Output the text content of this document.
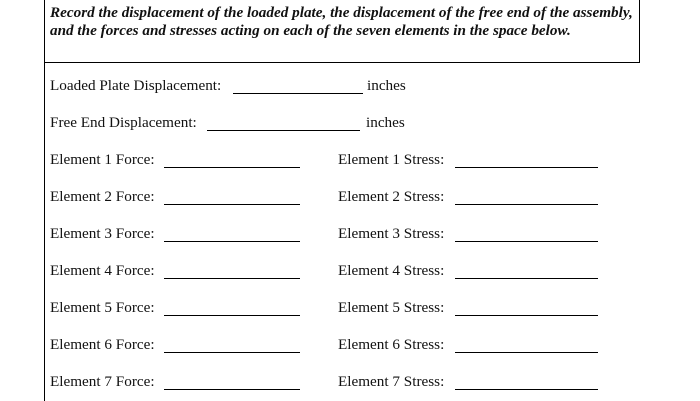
Record the displacement of the loaded plate, the displacement of the free end of the assembly, and the forces and stresses acting on each of the seven elements in the space below.
Loaded Plate Displacement:	inches
Free End Displacement:	inches
Element 1 Force:	Element 1 Stress:
Element 2 Force:	Element 2 Stress:
Element 3 Force:	Element 3 Stress:
Element 4 Force:	Element 4 Stress:
Element 5 Force:	Element 5 Stress:
Element 6 Force:	Element 6 Stress:
Element 7 Force:	Element 7 Stress:
